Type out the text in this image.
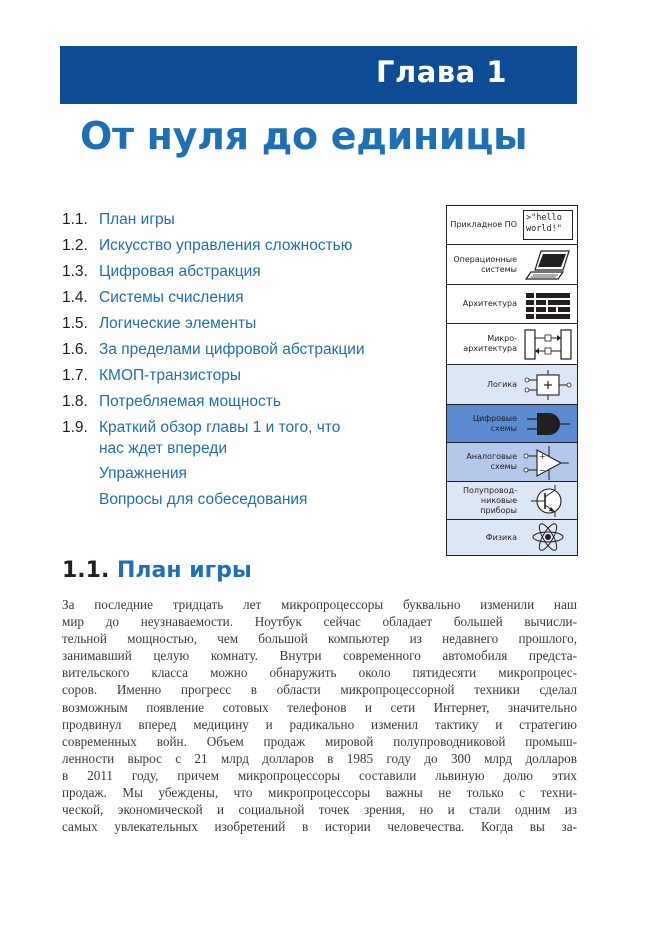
Глава 1
От нуля до единицы
1.1. План игры
1.2. Искусство управления сложностью
1.3. Цифровая абстракция
1.4. Системы счисления
1.5. Логические элементы
1.6. За пределами цифровой абстракции
1.7. КМОП-транзисторы
1.8. Потребляемая мощность
1.9. Краткий обзор главы 1 и того, что нас ждет впереди
Упражнения
Вопросы для собеседования
Прикладное ПО
>"hello world!"
Операционные системы
Архитектура
Микро-архитектура
Логика
Цифровые схемы
Аналоговые схемы
+
−
Полупровод-никовые приборы
Физика
1.1. План игры
За последние тридцать лет микропроцессоры буквально изменили наш
мир до неузнаваемости. Ноутбук сейчас обладает большей вычисли-
тельной мощностью, чем большой компьютер из недавнего прошлого,
занимавший целую комнату. Внутри современного автомобиля предста-
вительского класса можно обнаружить около пятидесяти микропроцес-
соров. Именно прогресс в области микропроцессорной техники сделал
возможным появление сотовых телефонов и сети Интернет, значительно
продвинул вперед медицину и радикально изменил тактику и стратегию
современных войн. Объем продаж мировой полупроводниковой промыш-
ленности вырос с 21 млрд долларов в 1985 году до 300 млрд долларов
в 2011 году, причем микропроцессоры составили львиную долю этих
продаж. Мы убеждены, что микропроцессоры важны не только с техни-
ческой, экономической и социальной точек зрения, но и стали одним из
самых увлекательных изобретений в истории человечества. Когда вы за-
